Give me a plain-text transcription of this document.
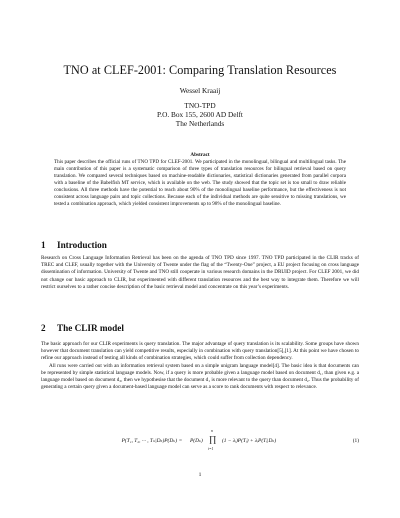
TNO at CLEF-2001: Comparing Translation Resources
Wessel Kraaij
TNO-TPD
P.O. Box 155, 2600 AD Delft
The Netherlands
Abstract

This paper describes the official runs of TNO TPD for CLEF-2001. We participated in the monolingual, bilingual and multilingual tasks. The main contribution of this paper is a systematic comparison of three types of translation resources for bilingual retrieval based on query translation. We compared several techniques based on machine-readable dictionaries, statistical dictionaries generated from parallel corpora with a baseline of the Babelfish MT service, which is available on the web. The study showed that the topic set is too small to draw reliable conclusions. All three methods have the potential to reach about 90% of the monolingual baseline performance, but the effectiveness is not consistent across language pairs and topic collections. Because each of the individual methods are quite sensitive to missing translations, we tested a combination approach, which yielded consistent improvements up to 98% of the monolingual baseline.

1 Introduction

Research on Cross Language Information Retrieval has been on the agenda of TNO TPD since 1997. TNO TPD participated in the CLIR tracks of TREC and CLEF, usually together with the University of Twente under the flag of the “Twenty-One” project, a EU project focusing on cross language dissemination of information. University of Twente and TNO still cooperate in various research domains in the DRUID project. For CLEF 2001, we did not change our basic approach to CLIR, but experimented with different translation resources and the best way to integrate them. Therefore we will restrict ourselves to a rather concise description of the basic retrieval model and concentrate on this year’s experiments.

2 The CLIR model

The basic approach for our CLIR experiments is query translation. The major advantage of query translation is its scalability. Some groups have shown however that document translation can yield competitive results, especially in combination with query translation[5],[1]. At this point we have chosen to refine our approach instead of testing all kinds of combination strategies, which could suffer from collection dependency.

All runs were carried out with an information retrieval system based on a simple unigram language model[4]. The basic idea is that documents can be represented by simple statistical language models. Now, if a query is more probable given a language model based on document d₁, than given e.g. a language model based on document d₂, then we hypothesise that the document d₁ is more relevant to the query than document d₂. Thus the probability of generating a certain query given a document-based language model can serve as a score to rank documents with respect to relevance.

P(T₁, T₂, ··· , Tₙ|Dₖ)P(Dₖ) = P(Dₖ)
n
∏
i=1
(1 − λᵢ)P(Tᵢ) + λᵢP(Tᵢ|Dₖ)	(1)
1
